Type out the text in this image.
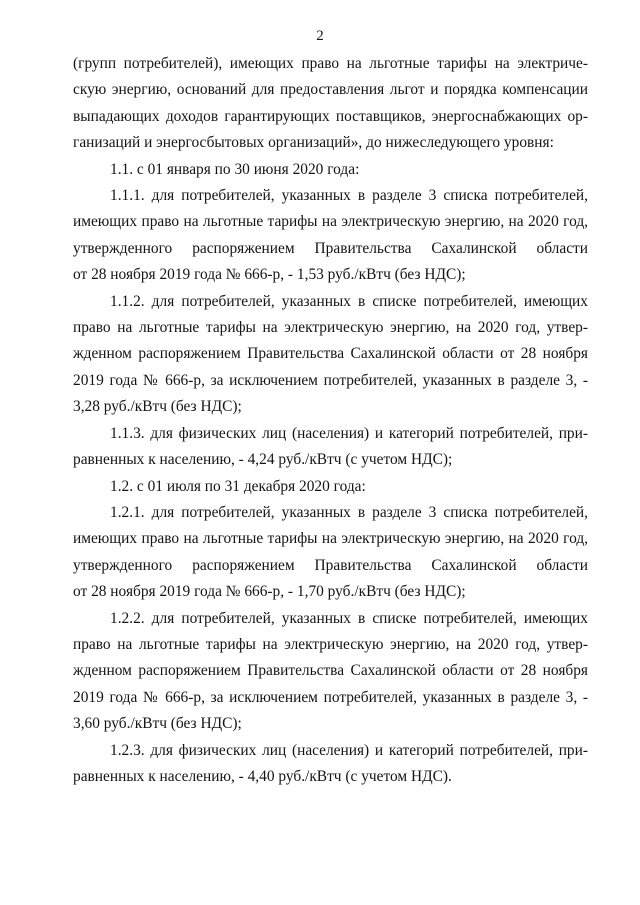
2

(групп потребителей), имеющих право на льготные тарифы на электриче-
скую энергию, оснований для предоставления льгот и порядка компенсации
выпадающих доходов гарантирующих поставщиков, энергоснабжающих ор-
ганизаций и энергосбытовых организаций», до нижеследующего уровня:

1.1. с 01 января по 30 июня 2020 года:

1.1.1. для потребителей, указанных в разделе 3 списка потребителей,
имеющих право на льготные тарифы на электрическую энергию, на 2020 год,
утвержденного распоряжением Правительства Сахалинской области
от 28 ноября 2019 года № 666-р, - 1,53 руб./кВтч (без НДС);

1.1.2. для потребителей, указанных в списке потребителей, имеющих
право на льготные тарифы на электрическую энергию, на 2020 год, утвер-
жденном распоряжением Правительства Сахалинской области от 28 ноября
2019 года № 666-р, за исключением потребителей, указанных в разделе 3, -
3,28 руб./кВтч (без НДС);

1.1.3. для физических лиц (населения) и категорий потребителей, при-
равненных к населению, - 4,24 руб./кВтч (с учетом НДС);

1.2. с 01 июля по 31 декабря 2020 года:

1.2.1. для потребителей, указанных в разделе 3 списка потребителей,
имеющих право на льготные тарифы на электрическую энергию, на 2020 год,
утвержденного распоряжением Правительства Сахалинской области
от 28 ноября 2019 года № 666-р, - 1,70 руб./кВтч (без НДС);

1.2.2. для потребителей, указанных в списке потребителей, имеющих
право на льготные тарифы на электрическую энергию, на 2020 год, утвер-
жденном распоряжением Правительства Сахалинской области от 28 ноября
2019 года № 666-р, за исключением потребителей, указанных в разделе 3, -
3,60 руб./кВтч (без НДС);

1.2.3. для физических лиц (населения) и категорий потребителей, при-
равненных к населению, - 4,40 руб./кВтч (с учетом НДС).
